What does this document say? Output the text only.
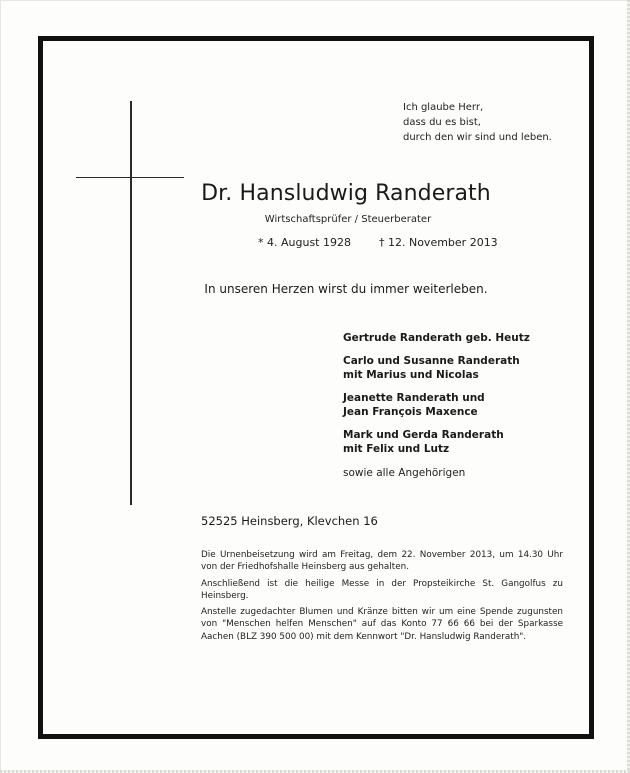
Ich glaube Herr,
dass du es bist,
durch den wir sind und leben.
Dr. Hansludwig Randerath
Wirtschaftsprüfer / Steuerberater
* 4. August 1928	† 12. November 2013
In unseren Herzen wirst du immer weiterleben.
Gertrude Randerath geb. Heutz
Carlo und Susanne Randerath
mit Marius und Nicolas
Jeanette Randerath und
Jean François Maxence
Mark und Gerda Randerath
mit Felix und Lutz
sowie alle Angehörigen
52525 Heinsberg, Klevchen 16

Die Urnenbeisetzung wird am Freitag, dem 22. November 2013, um 14.30 Uhr von der Friedhofshalle Heinsberg aus gehalten.

Anschließend ist die heilige Messe in der Propsteikirche St. Gangolfus zu Heinsberg.

Anstelle zugedachter Blumen und Kränze bitten wir um eine Spende zugunsten von "Menschen helfen Menschen" auf das Konto 77 66 66 bei der Sparkasse Aachen (BLZ 390 500 00) mit dem Kennwort "Dr. Hansludwig Randerath".
